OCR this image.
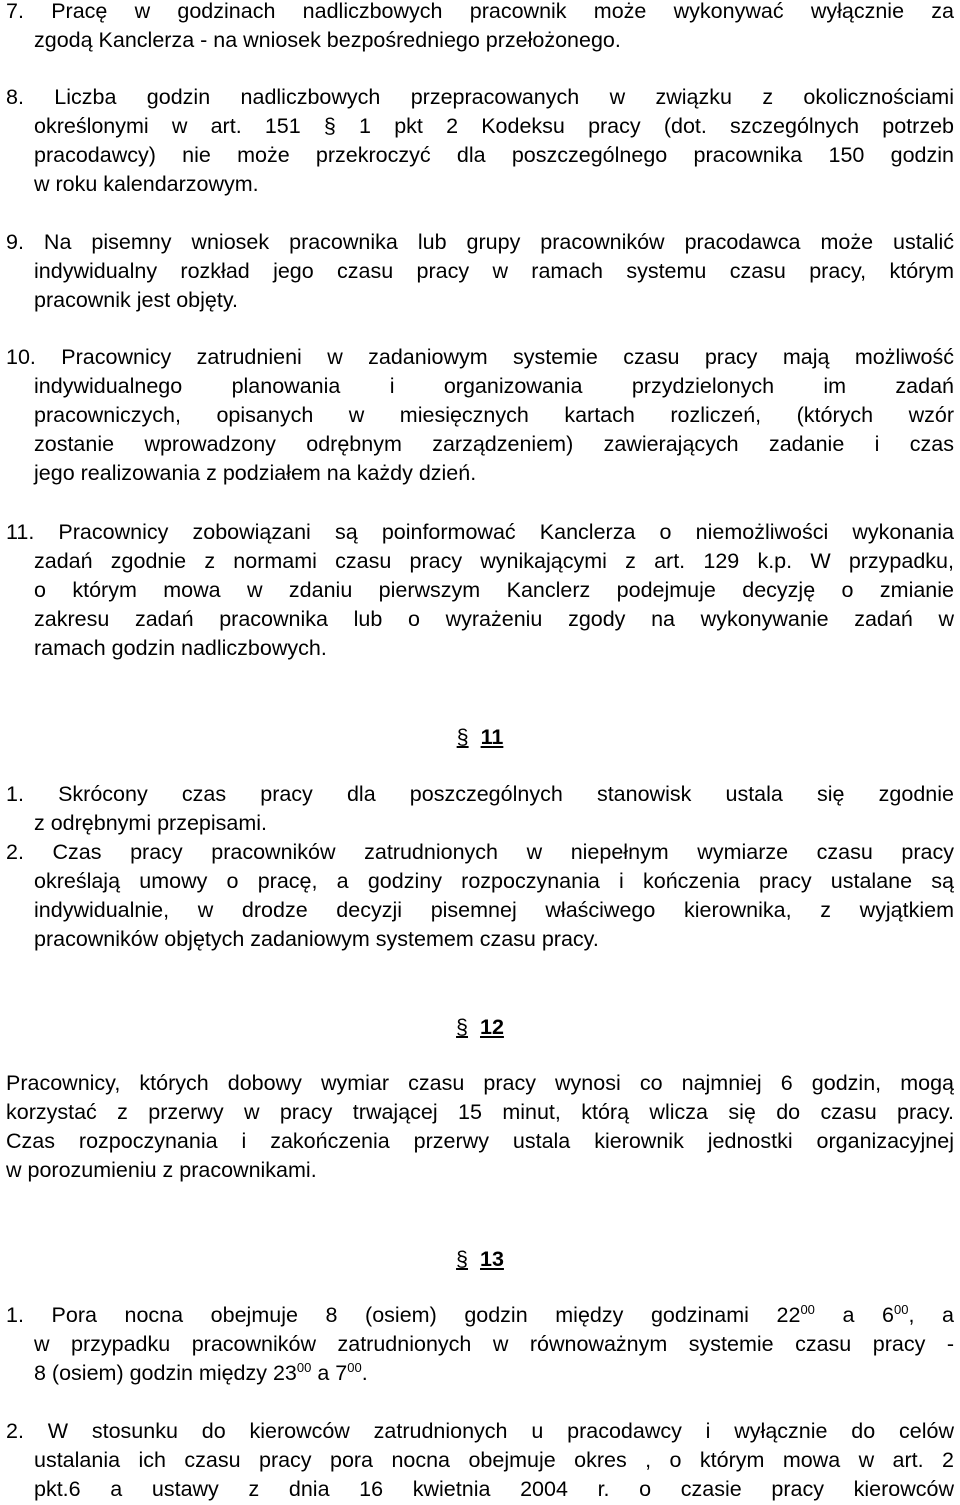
7. Pracę w godzinach nadliczbowych pracownik może wykonywać wyłącznie za
zgodą Kanclerza - na wniosek bezpośredniego przełożonego.
8. Liczba godzin nadliczbowych przepracowanych w związku z okolicznościami
określonymi w art. 151 § 1 pkt 2 Kodeksu pracy (dot. szczególnych potrzeb
pracodawcy) nie może przekroczyć dla poszczególnego pracownika 150 godzin
w roku kalendarzowym.
9. Na pisemny wniosek pracownika lub grupy pracowników pracodawca może ustalić
indywidualny rozkład jego czasu pracy w ramach systemu czasu pracy, którym
pracownik jest objęty.
10. Pracownicy zatrudnieni w zadaniowym systemie czasu pracy mają możliwość
indywidualnego planowania i organizowania przydzielonych im zadań
pracowniczych, opisanych w miesięcznych kartach rozliczeń, (których wzór
zostanie wprowadzony odrębnym zarządzeniem) zawierających zadanie i czas
jego realizowania z podziałem na każdy dzień.
11. Pracownicy zobowiązani są poinformować Kanclerza o niemożliwości wykonania
zadań zgodnie z normami czasu pracy wynikającymi z art. 129 k.p. W przypadku,
o którym mowa w zdaniu pierwszym Kanclerz podejmuje decyzję o zmianie
zakresu zadań pracownika lub o wyrażeniu zgody na wykonywanie zadań w
ramach godzin nadliczbowych.
§ 11
1. Skrócony czas pracy dla poszczególnych stanowisk ustala się zgodnie
z odrębnymi przepisami.
2. Czas pracy pracowników zatrudnionych w niepełnym wymiarze czasu pracy
określają umowy o pracę, a godziny rozpoczynania i kończenia pracy ustalane są
indywidualnie, w drodze decyzji pisemnej właściwego kierownika, z wyjątkiem
pracowników objętych zadaniowym systemem czasu pracy.
§ 12
Pracownicy, których dobowy wymiar czasu pracy wynosi co najmniej 6 godzin, mogą
korzystać z przerwy w pracy trwającej 15 minut, którą wlicza się do czasu pracy.
Czas rozpoczynania i zakończenia przerwy ustala kierownik jednostki organizacyjnej
w porozumieniu z pracownikami.
§ 13
1. Pora nocna obejmuje 8 (osiem) godzin między godzinami $22^{00}$ a $6^{00}$, a
w przypadku pracowników zatrudnionych w równoważnym systemie czasu pracy -
8 (osiem) godzin między $23^{00}$ a $7^{00}$.
2. W stosunku do kierowców zatrudnionych u pracodawcy i wyłącznie do celów
ustalania ich czasu pracy pora nocna obejmuje okres , o którym mowa w art. 2
pkt.6 a ustawy z dnia 16 kwietnia 2004 r. o czasie pracy kierowców
